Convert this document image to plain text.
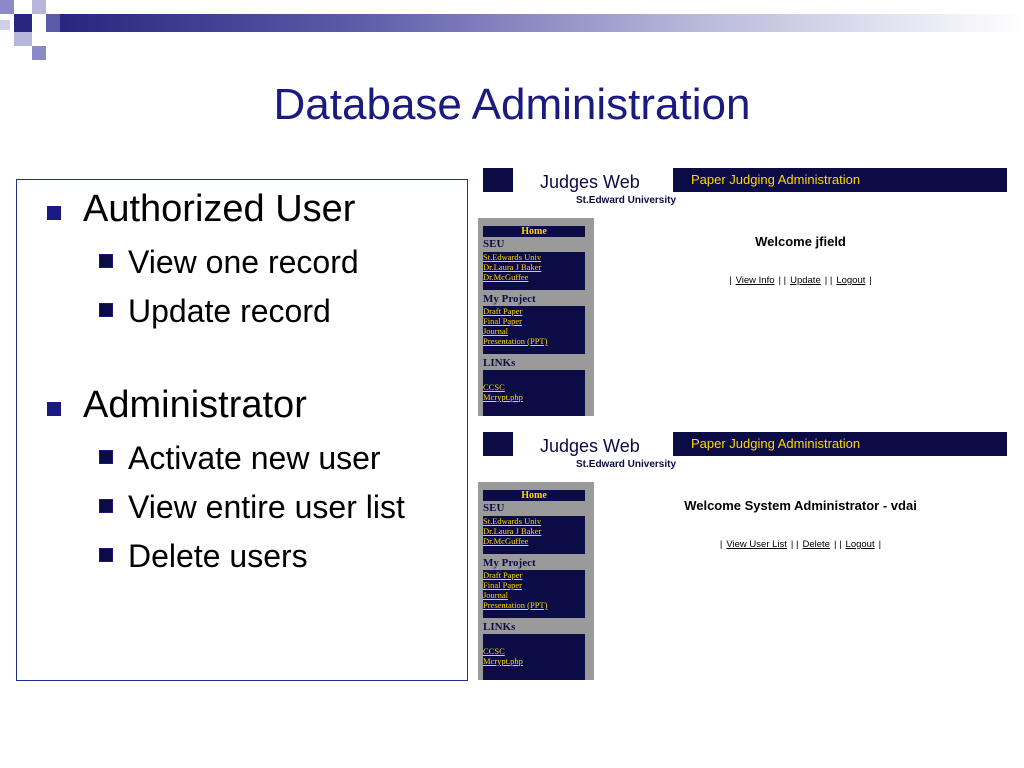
Database Administration
Authorized User
View one record
Update record
Administrator
Activate new user
View entire user list
Delete users
Judges Web
St.Edward University
Paper Judging Administration
Home
SEU
St.Edwards Univ
Dr.Laura J Baker
Dr.McGuffee
My Project
Draft Paper
Final Paper
Journal
Presentation (PPT)
LINKs
CCSC
Mcrypt.php
Welcome jfield
| View Info | | Update | | Logout |
Judges Web
St.Edward University
Paper Judging Administration
Home
SEU
St.Edwards Univ
Dr.Laura J Baker
Dr.McGuffee
My Project
Draft Paper
Final Paper
Journal
Presentation (PPT)
LINKs
CCSC
Mcrypt.php
Welcome System Administrator - vdai
| View User List | | Delete | | Logout |
